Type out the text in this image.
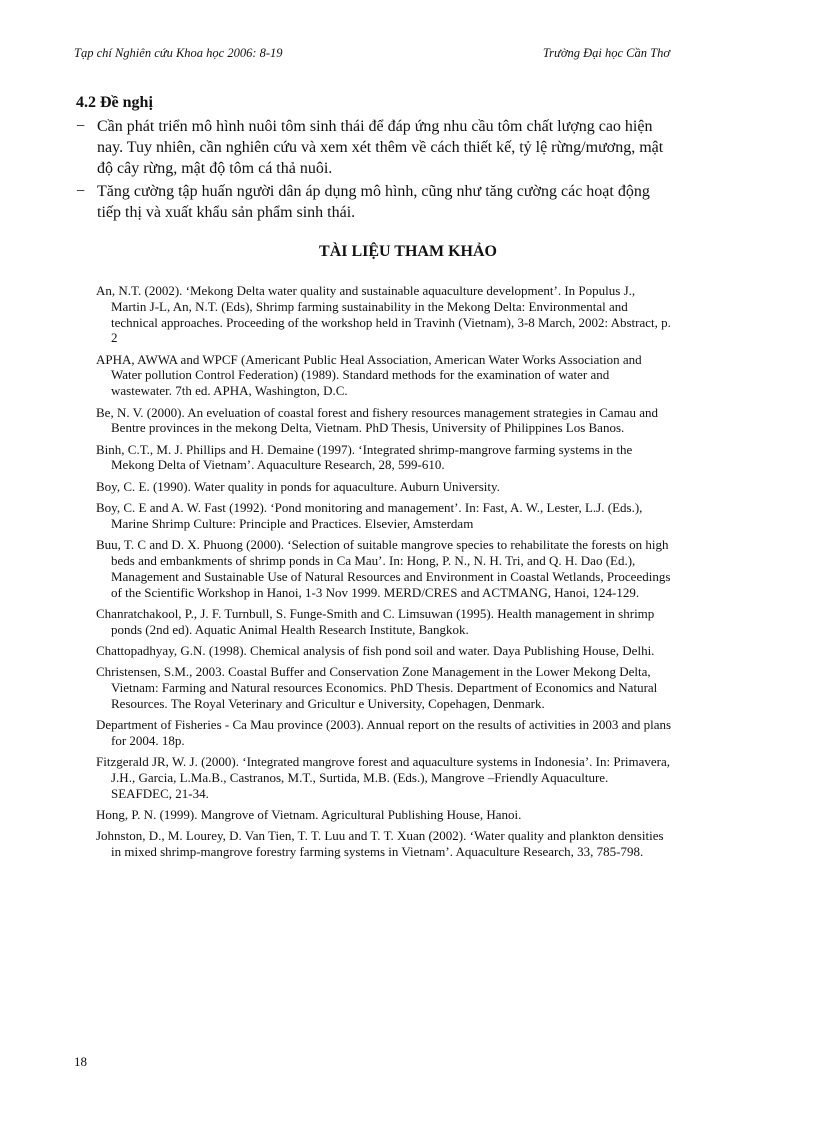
Tạp chí Nghiên cứu Khoa học 2006: 8-19	Trường Đại học Cần Thơ
4.2 Đề nghị
− Cần phát triển mô hình nuôi tôm sinh thái để đáp ứng nhu cầu tôm chất lượng cao hiện nay. Tuy nhiên, cần nghiên cứu và xem xét thêm về cách thiết kế, tỷ lệ rừng/mương, mật độ cây rừng, mật độ tôm cá thả nuôi.
− Tăng cường tập huấn người dân áp dụng mô hình, cũng như tăng cường các hoạt động tiếp thị và xuất khẩu sản phẩm sinh thái.
TÀI LIỆU THAM KHẢO

An, N.T. (2002). ‘Mekong Delta water quality and sustainable aquaculture development’. In Populus J., Martin J-L, An, N.T. (Eds), Shrimp farming sustainability in the Mekong Delta: Environmental and technical approaches. Proceeding of the workshop held in Travinh (Vietnam), 3-8 March, 2002: Abstract, p. 2

APHA, AWWA and WPCF (Americant Public Heal Association, American Water Works Association and Water pollution Control Federation) (1989). Standard methods for the examination of water and wastewater. 7th ed. APHA, Washington, D.C.

Be, N. V. (2000). An eveluation of coastal forest and fishery resources management strategies in Camau and Bentre provinces in the mekong Delta, Vietnam. PhD Thesis, University of Philippines Los Banos.

Binh, C.T., M. J. Phillips and H. Demaine (1997). ‘Integrated shrimp-mangrove farming systems in the Mekong Delta of Vietnam’. Aquaculture Research, 28, 599-610.

Boy, C. E. (1990). Water quality in ponds for aquaculture. Auburn University.

Boy, C. E and A. W. Fast (1992). ‘Pond monitoring and management’. In: Fast, A. W., Lester, L.J. (Eds.), Marine Shrimp Culture: Principle and Practices. Elsevier, Amsterdam

Buu, T. C and D. X. Phuong (2000). ‘Selection of suitable mangrove species to rehabilitate the forests on high beds and embankments of shrimp ponds in Ca Mau’. In: Hong, P. N., N. H. Tri, and Q. H. Dao (Ed.), Management and Sustainable Use of Natural Resources and Environment in Coastal Wetlands, Proceedings of the Scientific Workshop in Hanoi, 1-3 Nov 1999. MERD/CRES and ACTMANG, Hanoi, 124-129.

Chanratchakool, P., J. F. Turnbull, S. Funge-Smith and C. Limsuwan (1995). Health management in shrimp ponds (2nd ed). Aquatic Animal Health Research Institute, Bangkok.

Chattopadhyay, G.N. (1998). Chemical analysis of fish pond soil and water. Daya Publishing House, Delhi.

Christensen, S.M., 2003. Coastal Buffer and Conservation Zone Management in the Lower Mekong Delta, Vietnam: Farming and Natural resources Economics. PhD Thesis. Department of Economics and Natural Resources. The Royal Veterinary and Gricultur e University, Copehagen, Denmark.

Department of Fisheries - Ca Mau province (2003). Annual report on the results of activities in 2003 and plans for 2004. 18p.

Fitzgerald JR, W. J. (2000). ‘Integrated mangrove forest and aquaculture systems in Indonesia’. In: Primavera, J.H., Garcia, L.Ma.B., Castranos, M.T., Surtida, M.B. (Eds.), Mangrove –Friendly Aquaculture. SEAFDEC, 21-34.

Hong, P. N. (1999). Mangrove of Vietnam. Agricultural Publishing House, Hanoi.

Johnston, D., M. Lourey, D. Van Tien, T. T. Luu and T. T. Xuan (2002). ‘Water quality and plankton densities in mixed shrimp-mangrove forestry farming systems in Vietnam’. Aquaculture Research, 33, 785-798.

18
